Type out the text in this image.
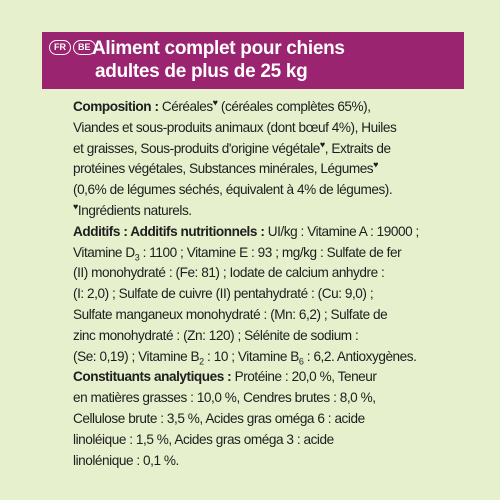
FR	BE Aliment complet pour chiens
adultes de plus de 25 kg
Composition : Céréales♥ (céréales complètes 65%),
Viandes et sous-produits animaux (dont bœuf 4%), Huiles
et graisses, Sous-produits d'origine végétale♥, Extraits de
protéines végétales, Substances minérales, Légumes♥
(0,6% de légumes séchés, équivalent à 4% de légumes).
♥Ingrédients naturels.
Additifs : Additifs nutritionnels : UI/kg : Vitamine A : 19000 ;
Vitamine $D_3$ : 1100 ; Vitamine E : 93 ; mg/kg : Sulfate de fer
(II) monohydraté : (Fe: 81) ; Iodate de calcium anhydre :
(I: 2,0) ; Sulfate de cuivre (II) pentahydraté : (Cu: 9,0) ;
Sulfate manganeux monohydraté : (Mn: 6,2) ; Sulfate de
zinc monohydraté : (Zn: 120) ; Sélénite de sodium :
(Se: 0,19) ; Vitamine $B_2$ : 10 ; Vitamine $B_6$ : 6,2. Antioxygènes.
Constituants analytiques : Protéine : 20,0 %, Teneur
en matières grasses : 10,0 %, Cendres brutes : 8,0 %,
Cellulose brute : 3,5 %, Acides gras oméga 6 : acide
linoléique : 1,5 %, Acides gras oméga 3 : acide
linolénique : 0,1 %.
